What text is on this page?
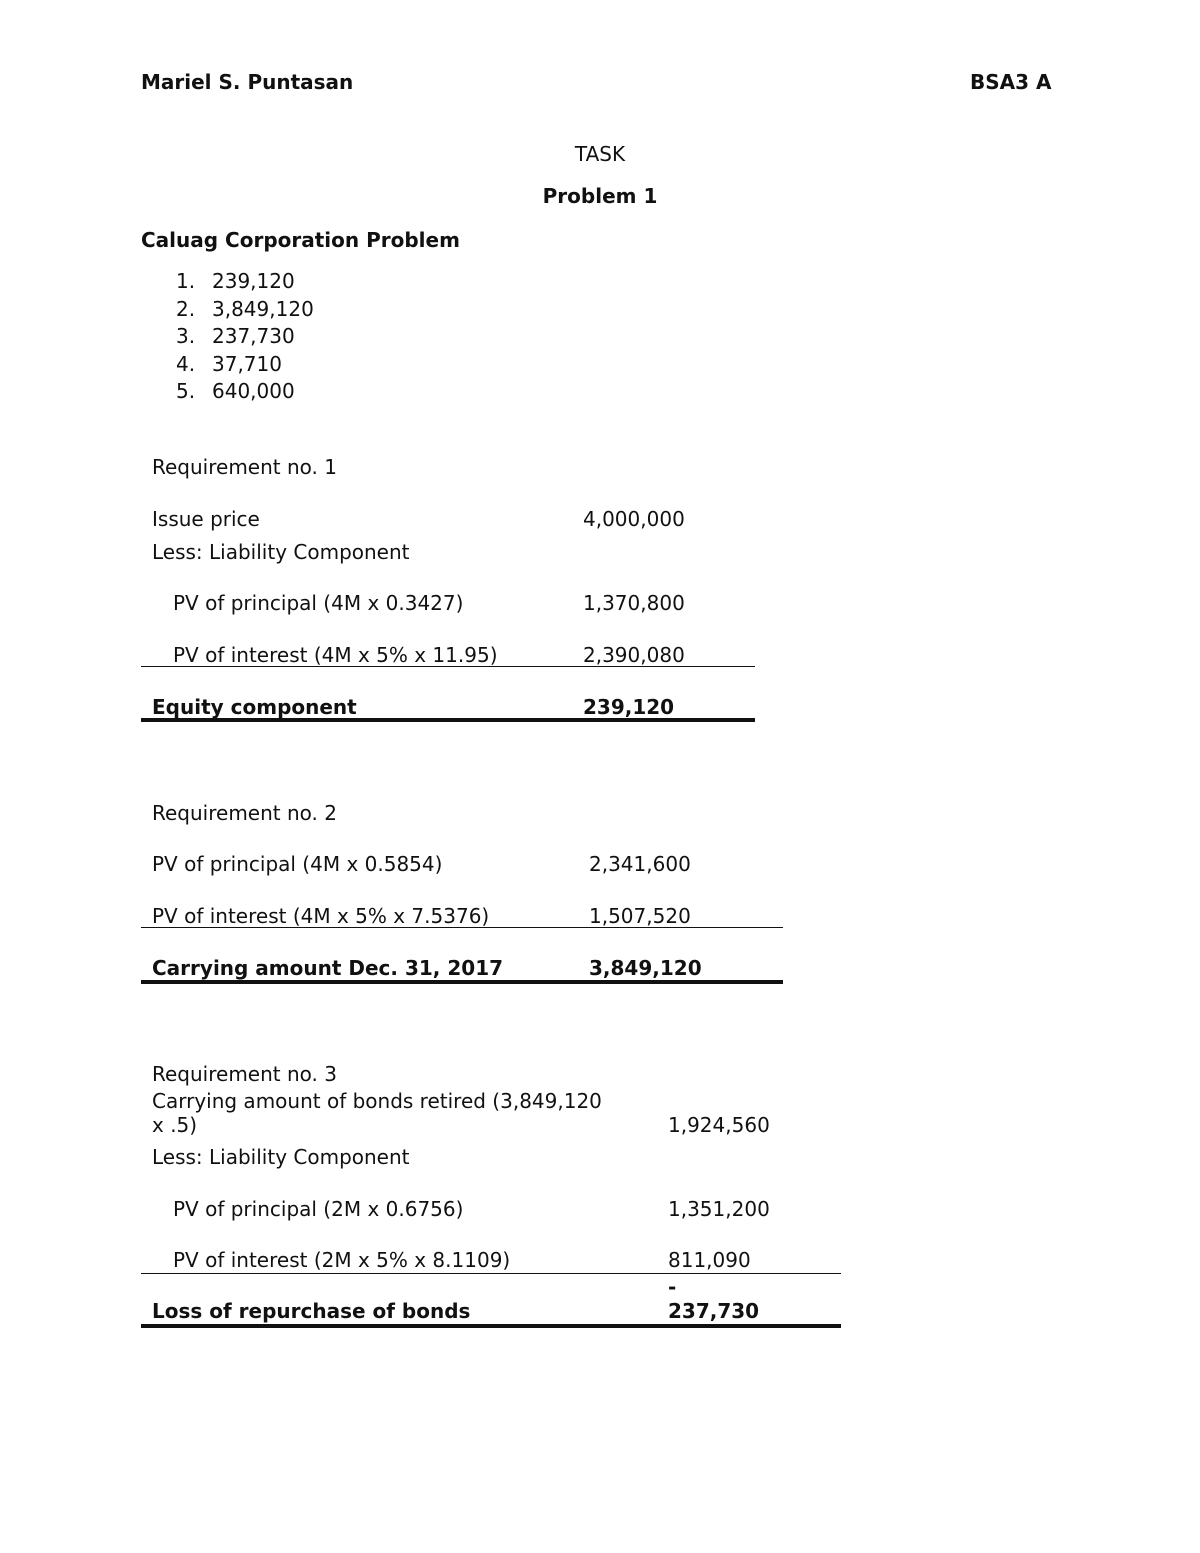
Mariel S. Puntasan	BSA3 A
TASK
Problem 1
Caluag Corporation Problem
1. 239,120
2. 3,849,120
3. 237,730
4. 37,710
5. 640,000
Requirement no. 1
Issue price	4,000,000
Less: Liability Component
PV of principal (4M x 0.3427)	1,370,800
PV of interest (4M x 5% x 11.95)	2,390,080
Equity component	239,120
Requirement no. 2
PV of principal (4M x 0.5854)	2,341,600
PV of interest (4M x 5% x 7.5376)	1,507,520
Carrying amount Dec. 31, 2017	3,849,120
Requirement no. 3
Carrying amount of bonds retired (3,849,120
x .5)	1,924,560
Less: Liability Component
PV of principal (2M x 0.6756)	1,351,200
PV of interest (2M x 5% x 8.1109)	811,090
-
Loss of repurchase of bonds	237,730
